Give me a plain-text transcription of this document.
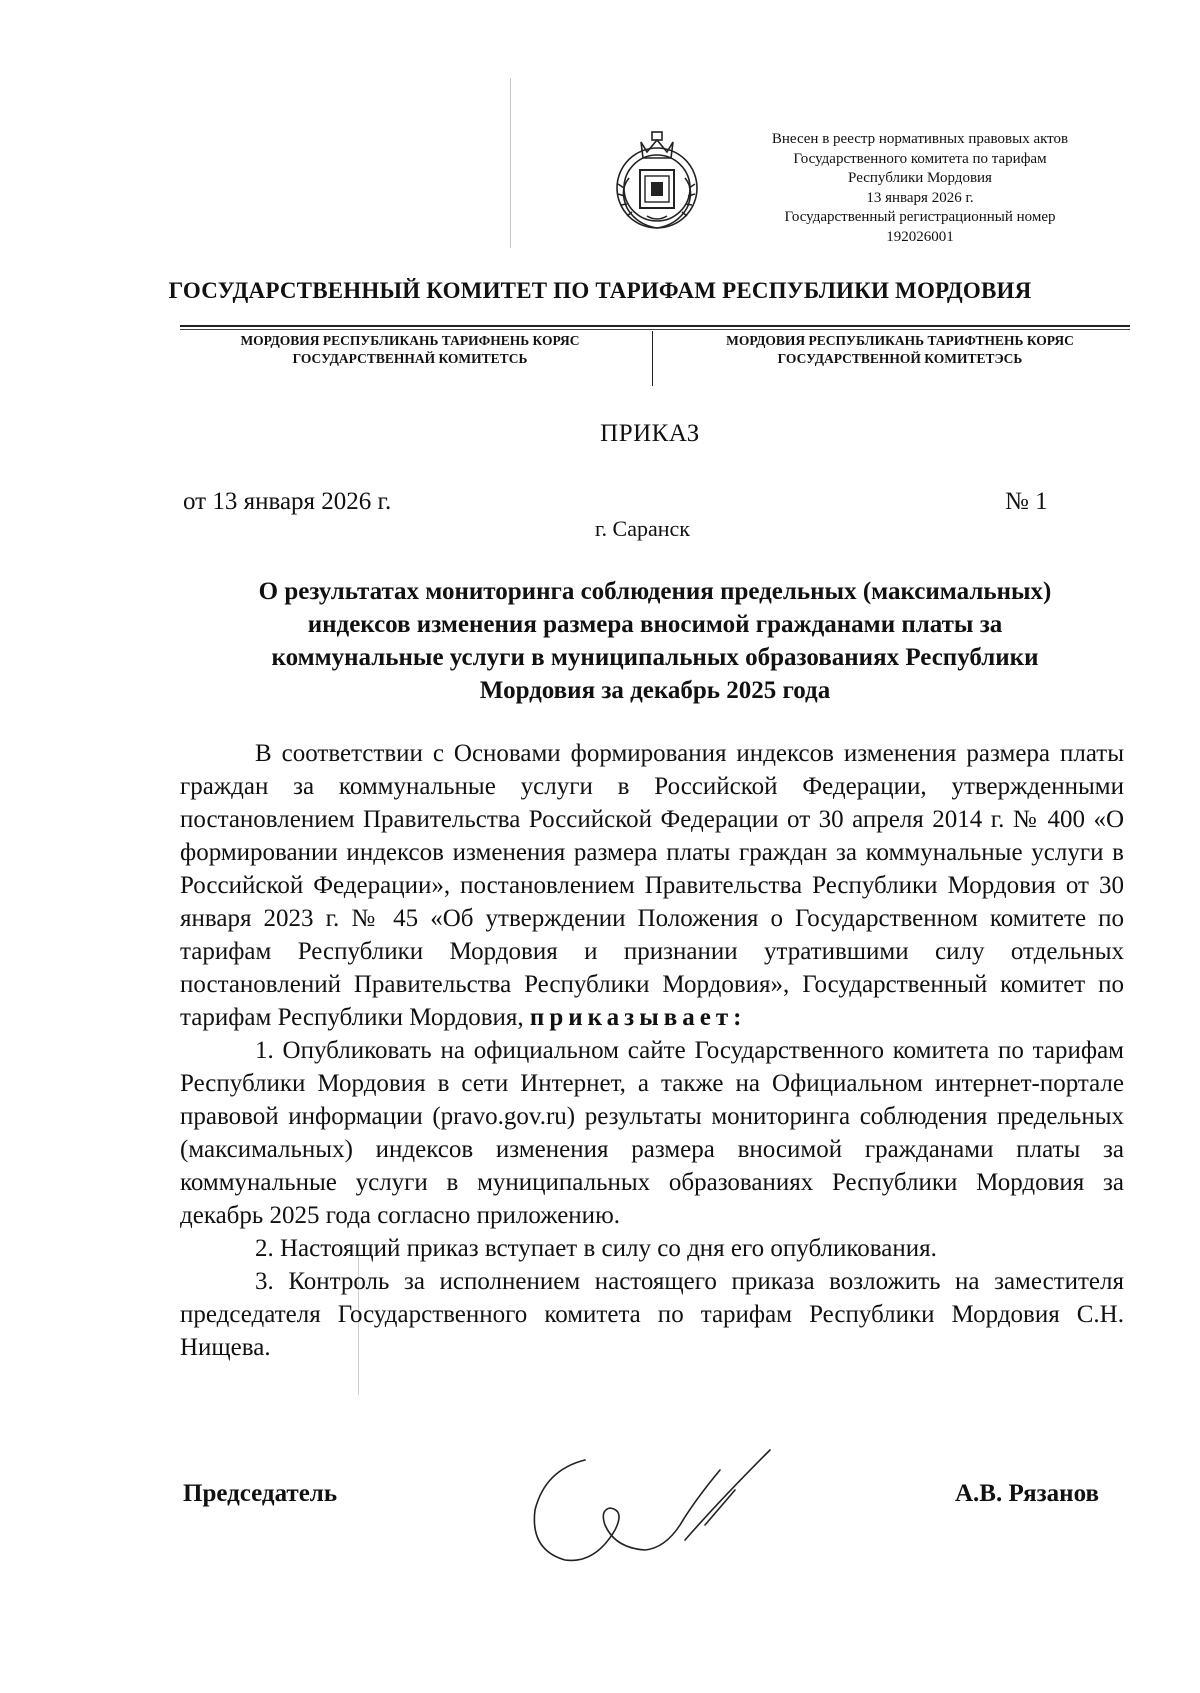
Внесен в реестр нормативных правовых актов
Государственного комитета по тарифам
Республики Мордовия
13 января 2026 г.
Государственный регистрационный номер
192026001
ГОСУДАРСТВЕННЫЙ КОМИТЕТ ПО ТАРИФАМ РЕСПУБЛИКИ МОРДОВИЯ
МОРДОВИЯ РЕСПУБЛИКАНЬ ТАРИФНЕНЬ КОРЯС
ГОСУДАРСТВЕННАЙ КОМИТЕТСЬ
МОРДОВИЯ РЕСПУБЛИКАНЬ ТАРИФТНЕНЬ КОРЯС
ГОСУДАРСТВЕННОЙ КОМИТЕТЭСЬ
ПРИКАЗ
от 13 января 2026 г.	№ 1
г. Саранск
О результатах мониторинга соблюдения предельных (максимальных)
индексов изменения размера вносимой гражданами платы за
коммунальные услуги в муниципальных образованиях Республики
Мордовия за декабрь 2025 года

В соответствии с Основами формирования индексов изменения размера платы граждан за коммунальные услуги в Российской Федерации, утвержденными постановлением Правительства Российской Федерации от 30 апреля 2014 г. № 400 «О формировании индексов изменения размера платы граждан за коммунальные услуги в Российской Федерации», постановлением Правительства Республики Мордовия от 30 января 2023 г. № 45 «Об утверждении Положения о Государственном комитете по тарифам Республики Мордовия и признании утратившими силу отдельных постановлений Правительства Республики Мордовия», Государственный комитет по тарифам Республики Мордовия, приказывает:

1. Опубликовать на официальном сайте Государственного комитета по тарифам Республики Мордовия в сети Интернет, а также на Официальном интернет-портале правовой информации (pravo.gov.ru) результаты мониторинга соблюдения предельных (максимальных) индексов изменения размера вносимой гражданами платы за коммунальные услуги в муниципальных образованиях Республики Мордовия за декабрь 2025 года согласно приложению.

2. Настоящий приказ вступает в силу со дня его опубликования.

3. Контроль за исполнением настоящего приказа возложить на заместителя председателя Государственного комитета по тарифам Республики Мордовия С.Н. Нищева.

Председатель	А.В. Рязанов
